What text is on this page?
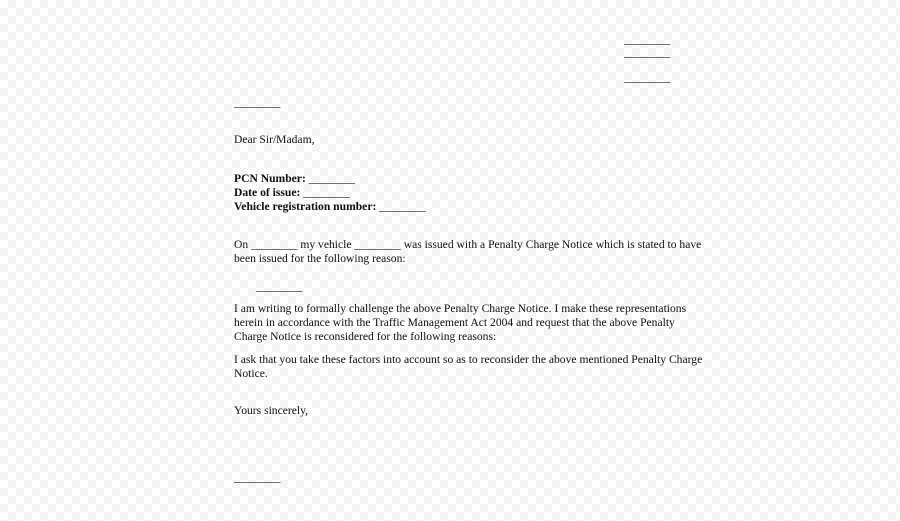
________
________
________
________
Dear Sir/Madam,
PCN Number: ________
Date of issue: ________
Vehicle registration number: ________
On ________ my vehicle ________ was issued with a Penalty Charge Notice which is stated to have
been issued for the following reason:
________
I am writing to formally challenge the above Penalty Charge Notice. I make these representations
herein in accordance with the Traffic Management Act 2004 and request that the above Penalty
Charge Notice is reconsidered for the following reasons:
I ask that you take these factors into account so as to reconsider the above mentioned Penalty Charge
Notice.
Yours sincerely,
________
